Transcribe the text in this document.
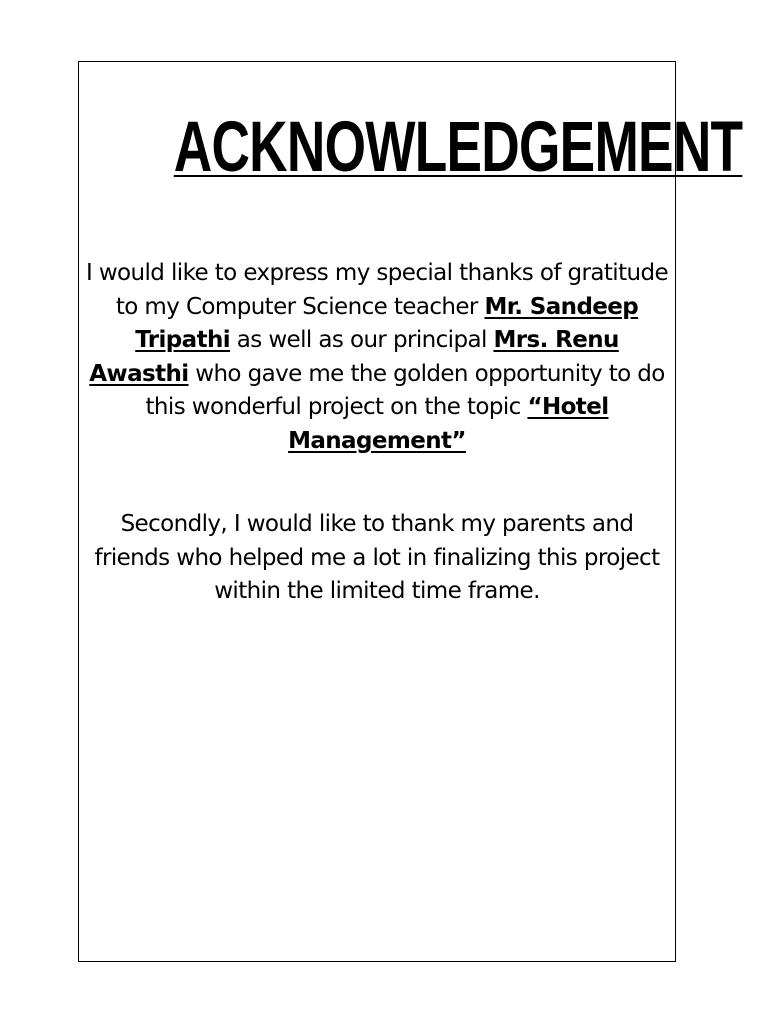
ACKNOWLEDGEMENT

I would like to express my special thanks of gratitude to my Computer Science teacher Mr. Sandeep Tripathi as well as our principal Mrs. Renu Awasthi who gave me the golden opportunity to do this wonderful project on the topic “Hotel Management”

Secondly, I would like to thank my parents and friends who helped me a lot in finalizing this project within the limited time frame.
